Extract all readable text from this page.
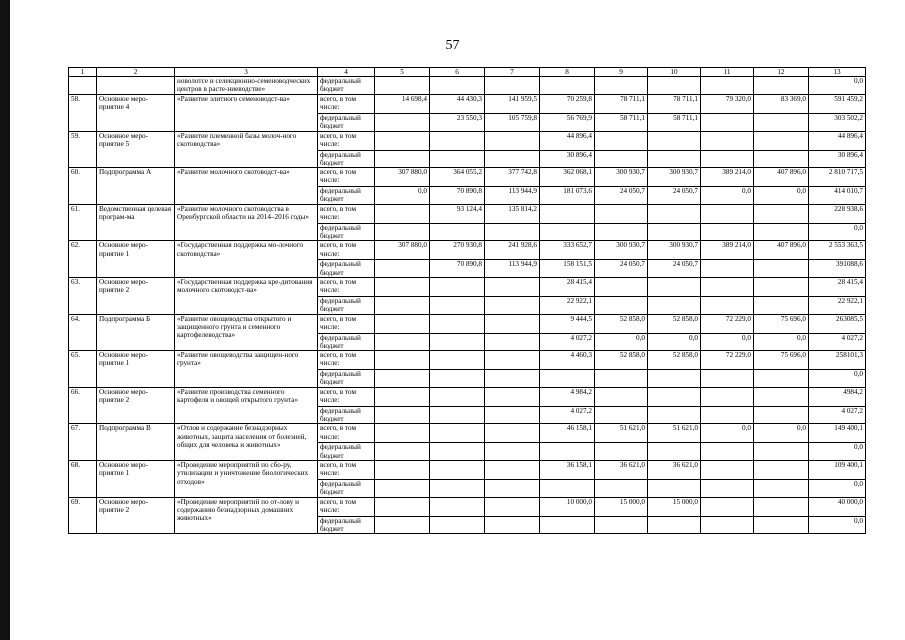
57
1	2	3	4	5	6	7	8	9	10	11	12	13
		новолотсе и селекционно-семеноводческих центров в расте-ниеводстве»	федеральный бюджет									0,0
58.	Основное меро-приятие 4	«Развитие элитного семеноводст-ва»	всего, в том числе:	14 698,4	44 430,3	141 959,5	70 259,8	78 711,1	78 711,1	79 320,0	83 369,0	591 459,2
			федеральный бюджет		23 550,3	105 759,8	56 769,9	58 711,1	58 711,1			303 502,2
59.	Основное меро-приятие 5	«Развитие племенной базы молоч-ного скотоводства»	всего, в том числе:				44 896,4					44 896,4
			федеральный бюджет				30 896,4					30 896,4
60.	Подпрограмма А	«Развитие молочного скотоводст-ва»	всего, в том числе:	307 880,0	364 055,2	377 742,8	362 068,1	300 930,7	300 930,7	389 214,0	407 896,0	2 810 717,5
			федеральный бюджет	0,0	70 890,8	113 944,9	181 073,6	24 050,7	24 050,7	0,0	0,0	414 010,7
61.	Ведомственная целевая програм-ма	«Развитие молочного скотоводства в Оренбургской области на 2014–2016 годы»	всего, в том числе:		93 124,4	135 814,2						228 938,6
			федеральный бюджет									0,0
62.	Основное меро-приятие 1	«Государственная поддержка мо-лочного скотоводства»	всего, в том числе:	307 880,0	270 930,8	241 928,6	333 652,7	300 930,7	300 930,7	389 214,0	407 896,0	2 553 363,5
			федеральный бюджет		70 890,8	113 944,9	158 151,5	24 050,7	24 050,7			391088,6
63.	Основное меро-приятие 2	«Государственная поддержка кре-дитования молочного скотоводст-ва»	всего, в том числе:				28 415,4					28 415,4
			федеральный бюджет				22 922,1					22 922,1
64.	Подпрограмма Б	«Развитие овощеводства открытого и защищенного грунта и семенного картофелеводства»	всего, в том числе:				9 444,5	52 858,0	52 858,0	72 229,0	75 696,0	263085,5
			федеральный бюджет				4 027,2	0,0	0,0	0,0	0,0	4 027,2
65.	Основное меро-приятие 1	«Развитие овощеводства защищен-ного грунта»	всего, в том числе:				4 460,3	52 858,0	52 858,0	72 229,0	75 696,0	258101,3
			федеральный бюджет									0,0
66.	Основное меро-приятие 2	«Развитие производства семенного картофеля и овощей открытого грунта»	всего, в том числе:				4 984,2					4984,2
			федеральный бюджет				4 027,2					4 027,2
67.	Подпрограмма В	«Отлов и содержание безнадзорных животных, защита населения от болезней, общих для человека и животных»	всего, в том числе:				46 158,1	51 621,0	51 621,0	0,0	0,0	149 400,1
			федеральный бюджет									0,0
68.	Основное меро-приятие 1	«Проведение мероприятий по сбо-ру, утилизации и уничтожение биологических отходов»	всего, в том числе:				36 158,1	36 621,0	36 621,0			109 400,1
			федеральный бюджет									0,0
69.	Основное меро-приятие 2	«Проведение мероприятий по от-лову и содержанию безнадзорных домашних животных»	всего, в том числе:				10 000,0	15 000,0	15 000,0			40 000,0
			федеральный бюджет									0,0
